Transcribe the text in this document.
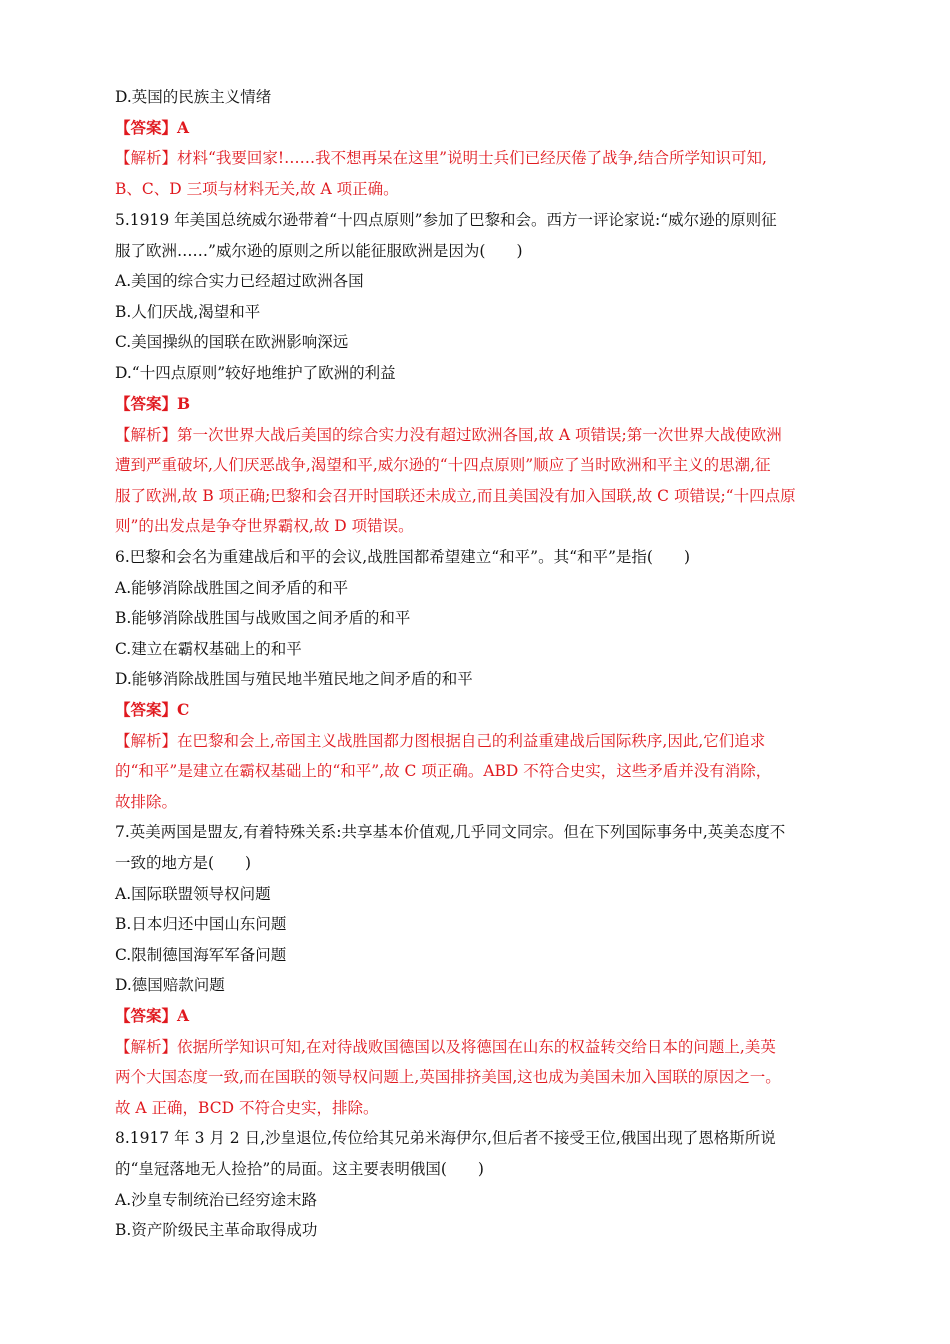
D.英国的民族主义情绪
【答案】A
【解析】材料“我要回家!……我不想再呆在这里”说明士兵们已经厌倦了战争,结合所学知识可知,
B、C、D 三项与材料无关,故 A 项正确。
5.1919 年美国总统威尔逊带着“十四点原则”参加了巴黎和会。西方一评论家说:“威尔逊的原则征
服了欧洲……”威尔逊的原则之所以能征服欧洲是因为(　　)
A.美国的综合实力已经超过欧洲各国
B.人们厌战,渴望和平
C.美国操纵的国联在欧洲影响深远
D.“十四点原则”较好地维护了欧洲的利益
【答案】B
【解析】第一次世界大战后美国的综合实力没有超过欧洲各国,故 A 项错误;第一次世界大战使欧洲
遭到严重破坏,人们厌恶战争,渴望和平,威尔逊的“十四点原则”顺应了当时欧洲和平主义的思潮,征
服了欧洲,故 B 项正确;巴黎和会召开时国联还未成立,而且美国没有加入国联,故 C 项错误;“十四点原
则”的出发点是争夺世界霸权,故 D 项错误。
6.巴黎和会名为重建战后和平的会议,战胜国都希望建立“和平”。其“和平”是指(　　)
A.能够消除战胜国之间矛盾的和平
B.能够消除战胜国与战败国之间矛盾的和平
C.建立在霸权基础上的和平
D.能够消除战胜国与殖民地半殖民地之间矛盾的和平
【答案】C
【解析】在巴黎和会上,帝国主义战胜国都力图根据自己的利益重建战后国际秩序,因此,它们追求
的“和平”是建立在霸权基础上的“和平”,故 C 项正确。ABD 不符合史实，这些矛盾并没有消除，
故排除。
7.英美两国是盟友,有着特殊关系:共享基本价值观,几乎同文同宗。但在下列国际事务中,英美态度不
一致的地方是(　　)
A.国际联盟领导权问题
B.日本归还中国山东问题
C.限制德国海军军备问题
D.德国赔款问题
【答案】A
【解析】依据所学知识可知,在对待战败国德国以及将德国在山东的权益转交给日本的问题上,美英
两个大国态度一致,而在国联的领导权问题上,英国排挤美国,这也成为美国未加入国联的原因之一。
故 A 正确，BCD 不符合史实，排除。
8.1917 年 3 月 2 日,沙皇退位,传位给其兄弟米海伊尔,但后者不接受王位,俄国出现了恩格斯所说
的“皇冠落地无人捡拾”的局面。这主要表明俄国(　　)
A.沙皇专制统治已经穷途末路
B.资产阶级民主革命取得成功
